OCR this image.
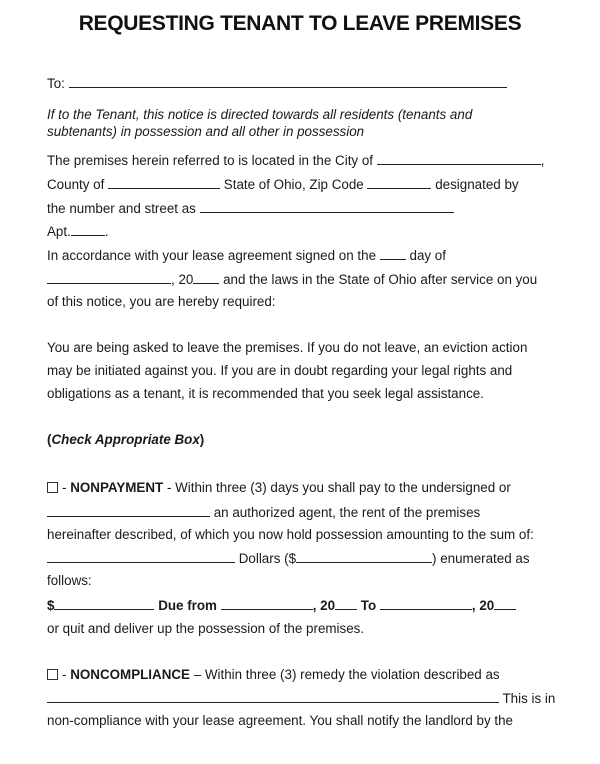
REQUESTING TENANT TO LEAVE PREMISES
To:
If to the Tenant, this notice is directed towards all residents (tenants and
subtenants) in possession and all other in possession
The premises herein referred to is located in the City of	,
County of	State of Ohio, Zip Code	designated by
the number and street as
Apt.	.
In accordance with your lease agreement signed on the day of
, 20 and the laws in the State of Ohio after service on you
of this notice, you are hereby required:
You are being asked to leave the premises. If you do not leave, an eviction action
may be initiated against you. If you are in doubt regarding your legal rights and
obligations as a tenant, it is recommended that you seek legal assistance.
(Check Appropriate Box)
- NONPAYMENT - Within three (3) days you shall pay to the undersigned or
an authorized agent, the rent of the premises
hereinafter described, of which you now hold possession amounting to the sum of:
Dollars ($	) enumerated as
follows:
$	Due from	, 20 To	, 20
or quit and deliver up the possession of the premises.
- NONCOMPLIANCE – Within three (3) remedy the violation described as
This is in
non-compliance with your lease agreement. You shall notify the landlord by the
